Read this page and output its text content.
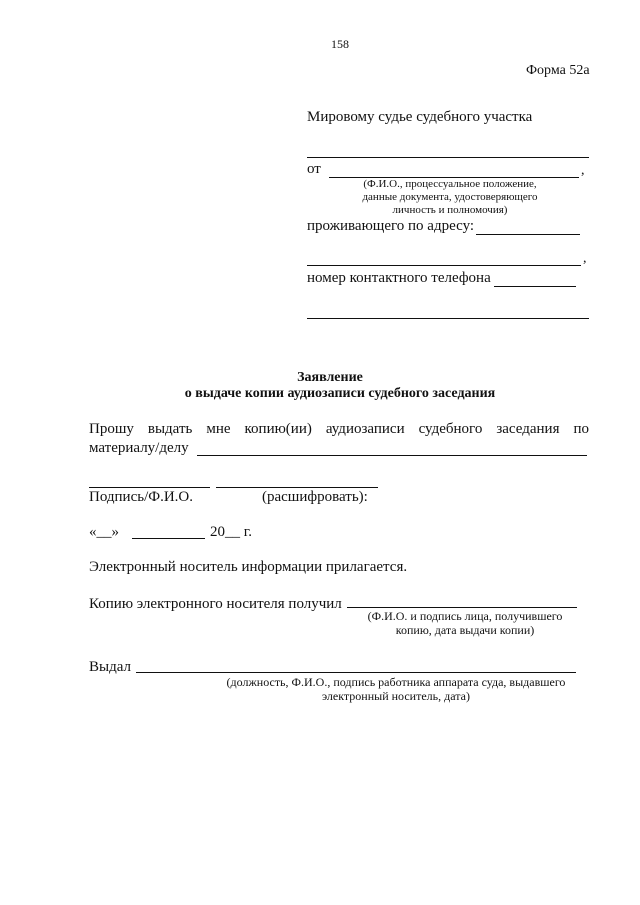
158
Форма 52а
Мировому судье судебного участка
от	,
(Ф.И.О., процессуальное положение,
данные документа, удостоверяющего
личность и полномочия)
проживающего по адресу:
,
номер контактного телефона
Заявление
о выдаче копии аудиозаписи судебного заседания
Прошу выдать мне копию(ии) аудиозаписи судебного заседания по
материалу/делу
Подпись/Ф.И.О.	(расшифровать):
«__»	20__ г.
Электронный носитель информации прилагается.
Копию электронного носителя получил
(Ф.И.О. и подпись лица, получившего
копию, дата выдачи копии)
Выдал
(должность, Ф.И.О., подпись работника аппарата суда, выдавшего
электронный носитель, дата)
